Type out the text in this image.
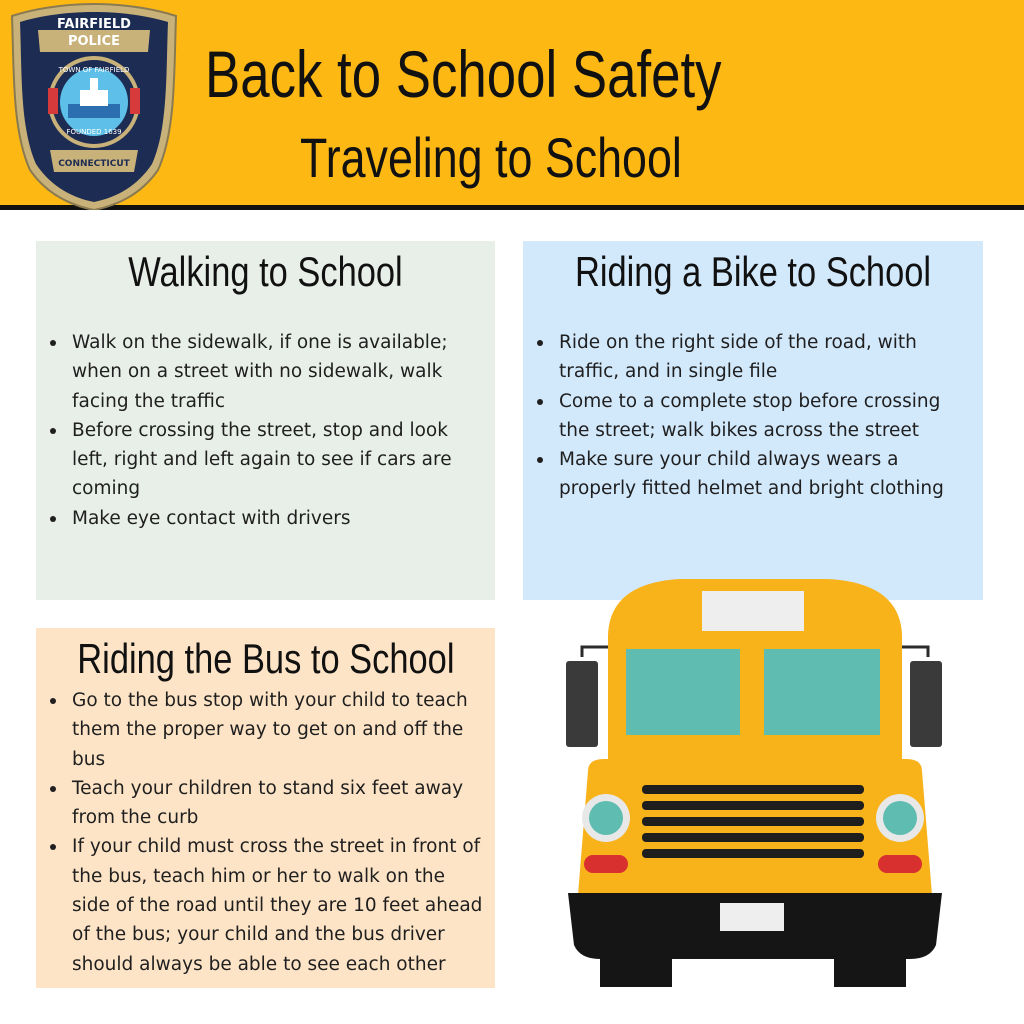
FAIRFIELD
POLICE
TOWN OF FAIRFIELD
FOUNDED 1639
CONNECTICUT
Back to School Safety
Traveling to School
Walking to School
Walk on the sidewalk, if one is available; when on a street with no sidewalk, walk facing the traffic
Before crossing the street, stop and look left, right and left again to see if cars are coming
Make eye contact with drivers
Riding a Bike to School
Ride on the right side of the road, with traffic, and in single file
Come to a complete stop before crossing the street; walk bikes across the street
Make sure your child always wears a properly fitted helmet and bright clothing
Riding the Bus to School
Go to the bus stop with your child to teach them the proper way to get on and off the bus
Teach your children to stand six feet away from the curb
If your child must cross the street in front of the bus, teach him or her to walk on the side of the road until they are 10 feet ahead of the bus; your child and the bus driver should always be able to see each other
